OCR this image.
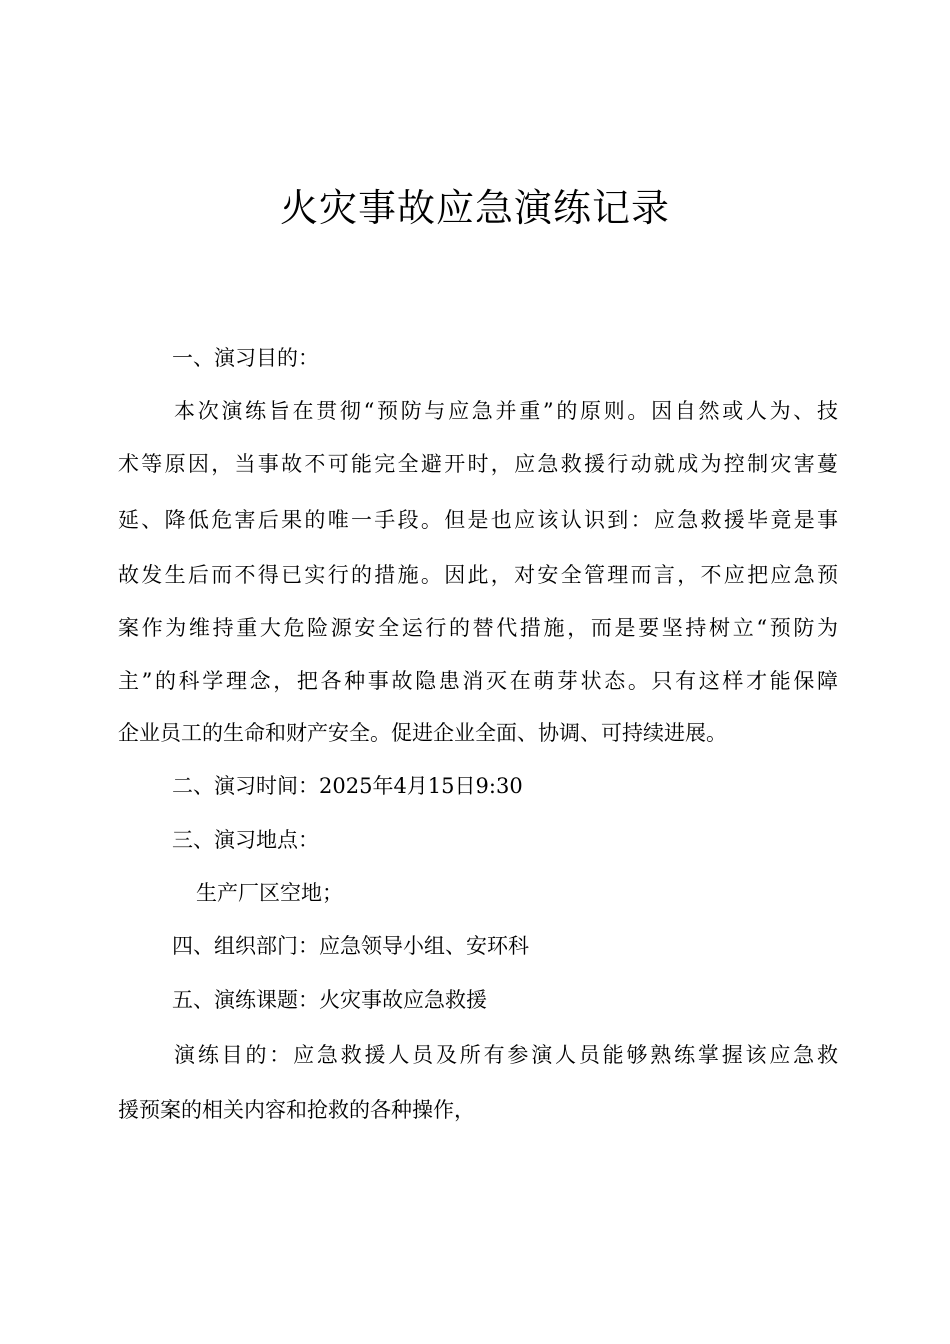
火灾事故应急演练记录
一、演习目的：
本次演练旨在贯彻“预防与应急并重”的原则。因自然或人为、技
术等原因，当事故不可能完全避开时，应急救援行动就成为控制灾害蔓
延、降低危害后果的唯一手段。但是也应该认识到：应急救援毕竟是事
故发生后而不得已实行的措施。因此，对安全管理而言，不应把应急预
案作为维持重大危险源安全运行的替代措施，而是要坚持树立“预防为
主”的科学理念，把各种事故隐患消灭在萌芽状态。只有这样才能保障
企业员工的生命和财产安全。促进企业全面、协调、可持续进展。
二、演习时间：2025年4月15日9:30
三、演习地点：
生产厂区空地；
四、组织部门：应急领导小组、安环科
五、演练课题：火灾事故应急救援
演练目的：应急救援人员及所有参演人员能够熟练掌握该应急救
援预案的相关内容和抢救的各种操作，
